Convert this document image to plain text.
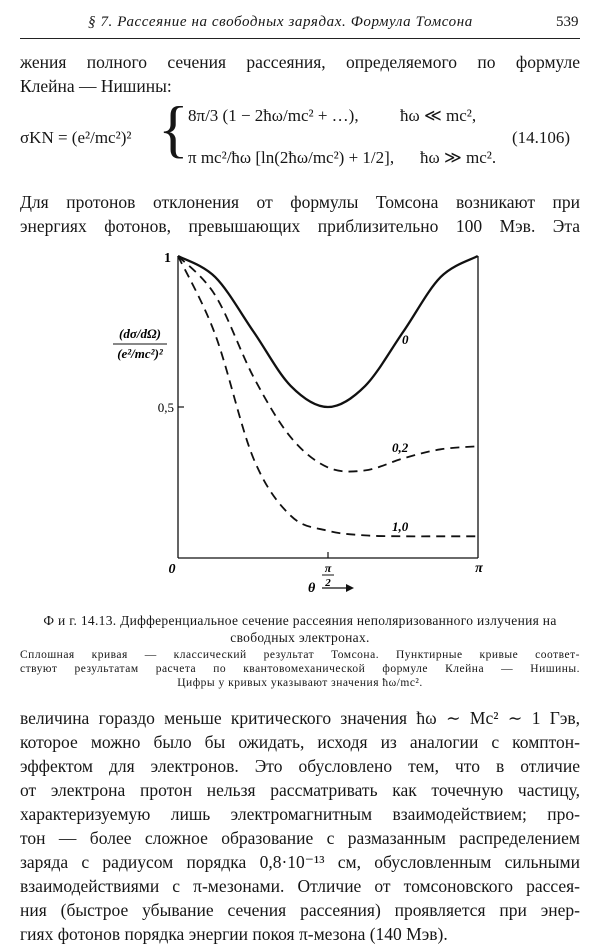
§ 7. Рассеяние на свободных зарядах. Формула Томсона	539
жения полного сечения рассеяния, определяемого по формуле
Клейна — Нишины:
σKN = (e²/mc²)² { 8π/3 (1 − 2ħω/mc² + …), ħω ≪ mc²,
π mc²/ħω [ln(2ħω/mc²) + 1/2], ħω ≫ mc².
(14.106)
Для протонов отклонения от формулы Томсона возникают при
энергиях фотонов, превышающих приблизительно 100 Мэв. Эта
(dσ/dΩ)
(e²/mc²)²
1
0,5
0	π
2
π
θ
0
0,2
1,0
Ф и г. 14.13. Дифференциальное сечение рассеяния неполяризованного излучения на свободных электронах.
Сплошная кривая — классический результат Томсона. Пунктирные кривые соответ-
ствуют результатам расчета по квантовомеханической формуле Клейна — Нишины.
Цифры у кривых указывают значения ħω/mc².
величина гораздо меньше критического значения ħω ∼ Mc² ∼ 1 Гэв,
которое можно было бы ожидать, исходя из аналогии с комптон-
эффектом для электронов. Это обусловлено тем, что в отличие
от электрона протон нельзя рассматривать как точечную частицу,
характеризуемую лишь электромагнитным взаимодействием; про-
тон — более сложное образование с размазанным распределением
заряда с радиусом порядка 0,8·10⁻¹³ см, обусловленным сильными
взаимодействиями с π-мезонами. Отличие от томсоновского рассея-
ния (быстрое убывание сечения рассеяния) проявляется при энер-
гиях фотонов порядка энергии покоя π-мезона (140 Мэв).
